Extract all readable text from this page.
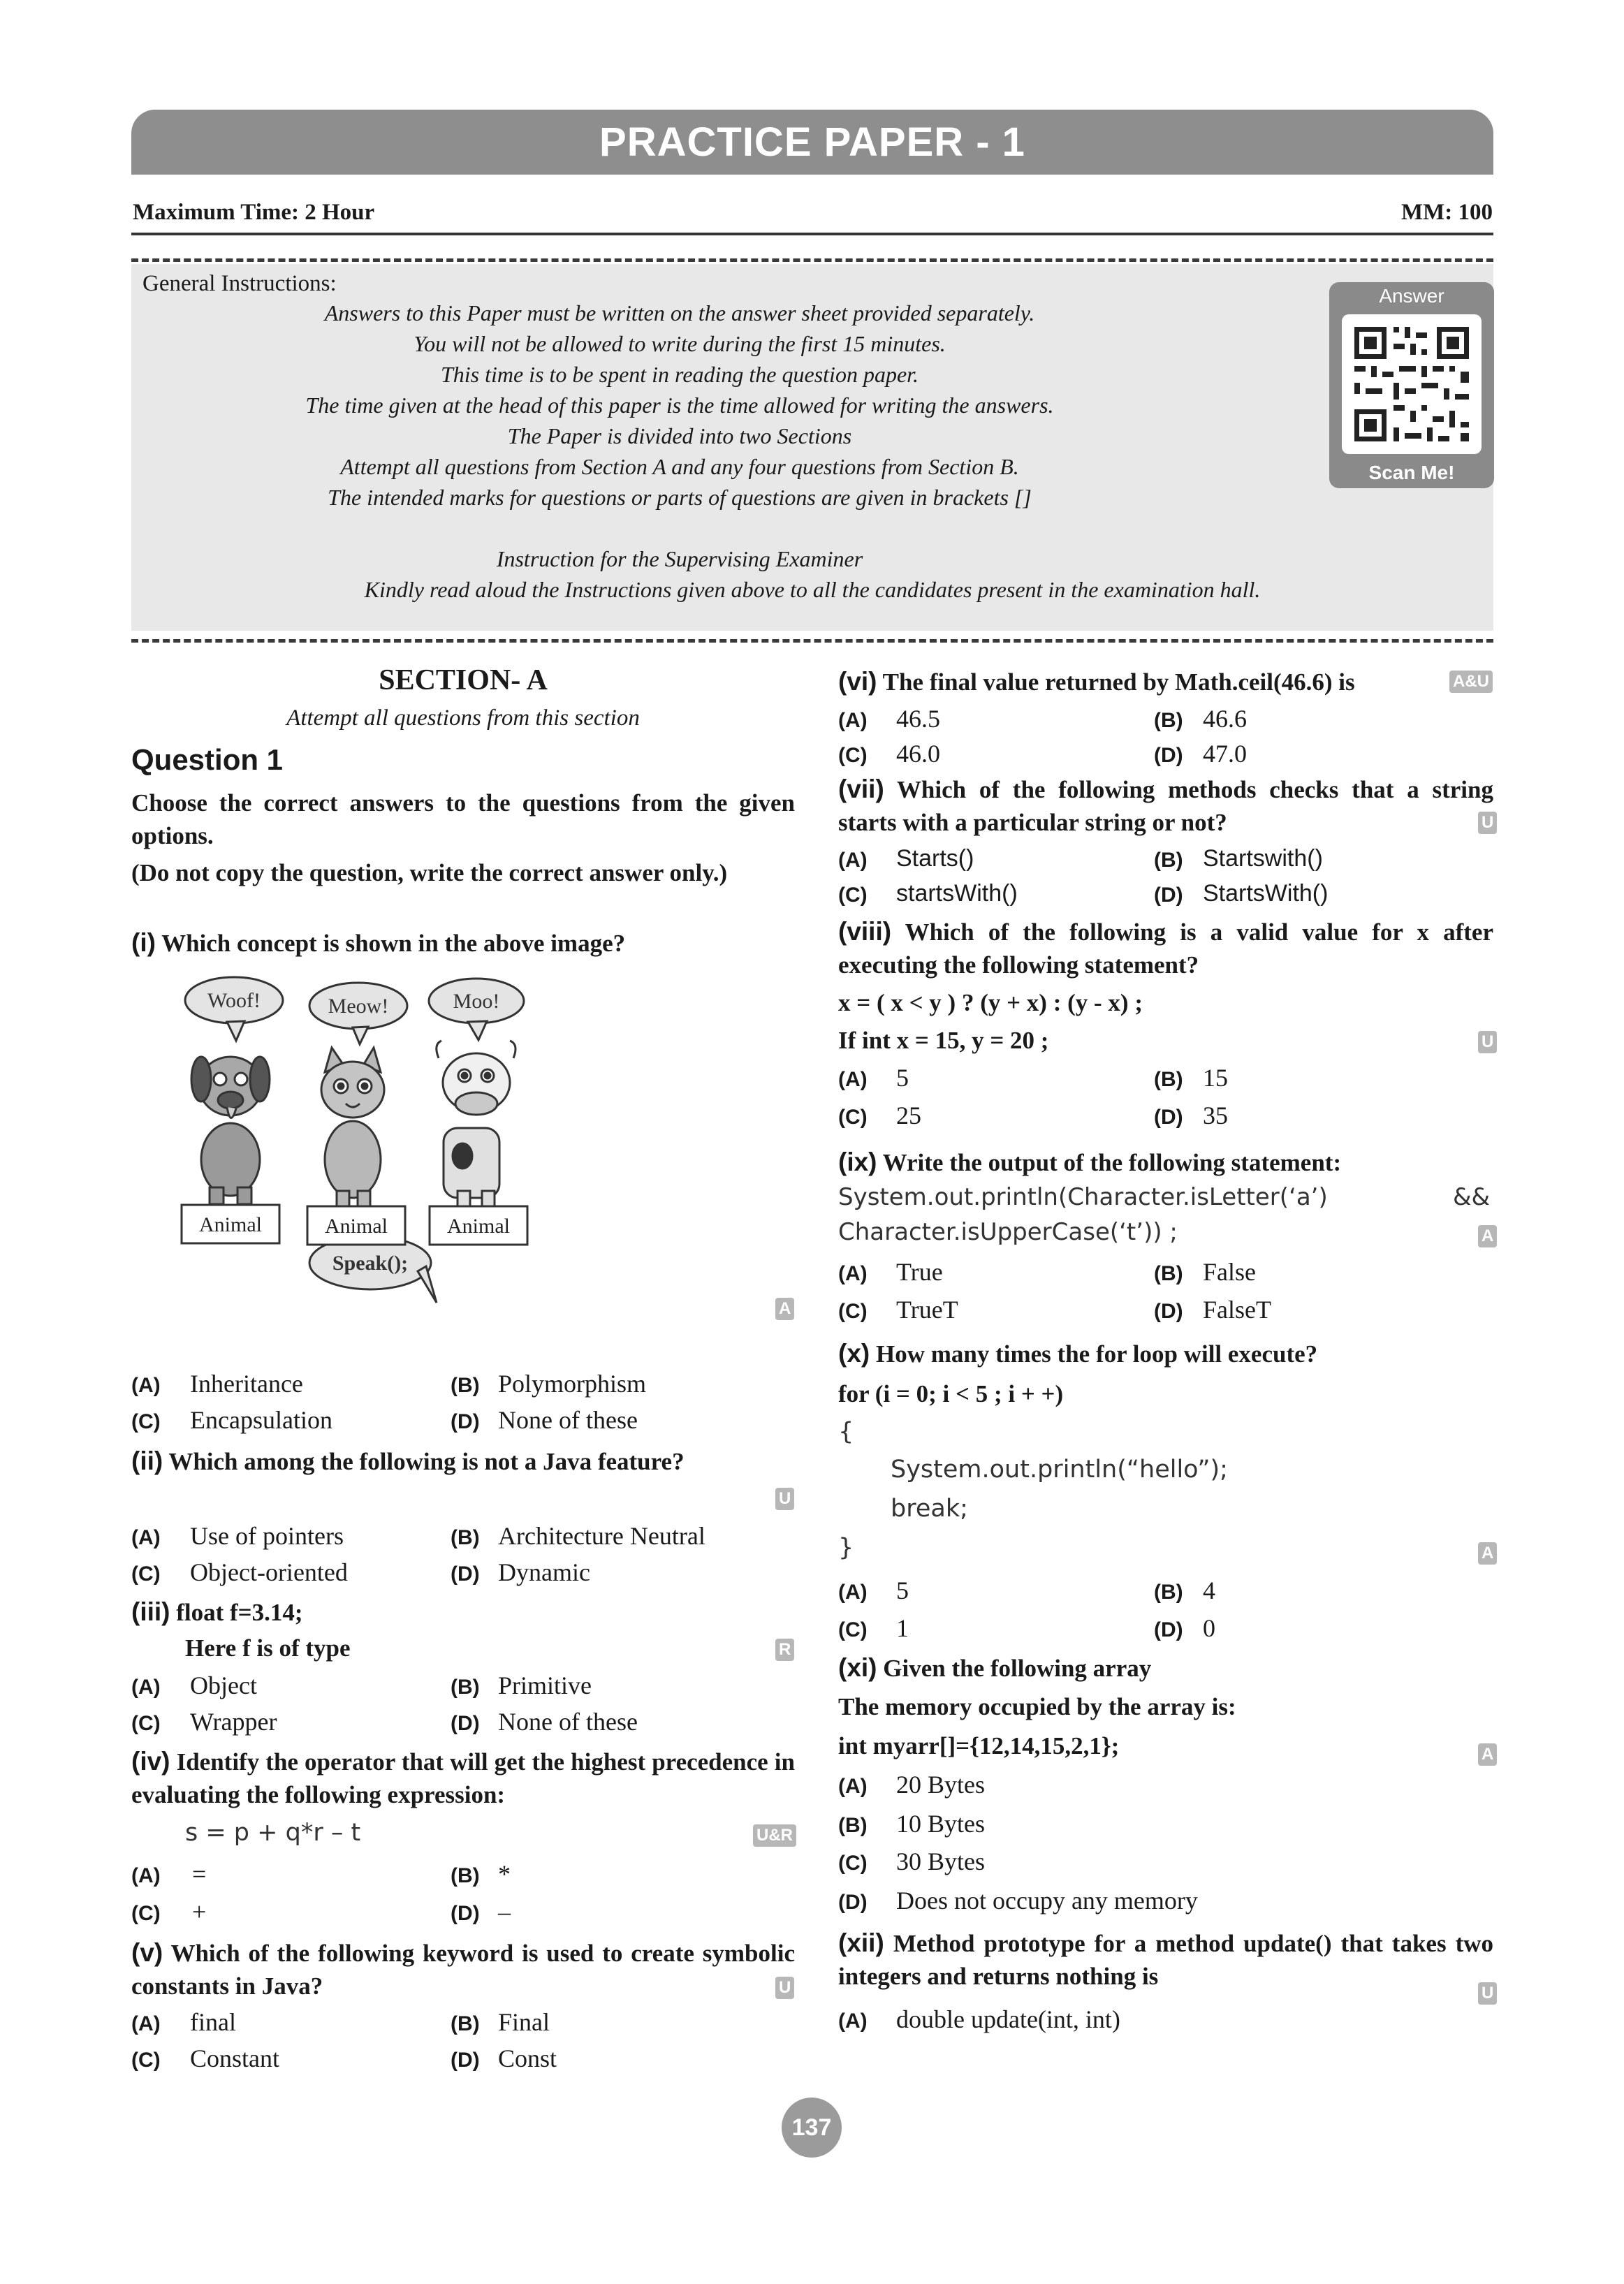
PRACTICE PAPER - 1
Maximum Time: 2 Hour	MM: 100
General Instructions:
Answers to this Paper must be written on the answer sheet provided separately.
You will not be allowed to write during the first 15 minutes.
This time is to be spent in reading the question paper.
The time given at the head of this paper is the time allowed for writing the answers.
The Paper is divided into two Sections
Attempt all questions from Section A and any four questions from Section B.
The intended marks for questions or parts of questions are given in brackets []
Instruction for the Supervising Examiner
Kindly read aloud the Instructions given above to all the candidates present in the examination hall.
Answer
Scan Me!
SECTION- A
Attempt all questions from this section
Question 1
Choose the correct answers to the questions from the given options.
(Do not copy the question, write the correct answer only.)
(i) Which concept is shown in the above image?
Woof!	Meow!	Moo!
Speak();
Animal	Animal	Animal
A
(A) Inheritance	(B) Polymorphism
(C) Encapsulation	(D) None of these
(ii) Which among the following is not a Java feature?
U
(A) Use of pointers	(B) Architecture Neutral
(C) Object-oriented	(D) Dynamic
(iii) float f=3.14;
Here f is of type	R
(A) Object	(B) Primitive
(C) Wrapper	(D) None of these
(iv) Identify the operator that will get the highest precedence in evaluating the following expression:
s = p + q*r – t	U&R
(A) =	(B) *
(C) +	(D) –
(v) Which of the following keyword is used to create symbolic constants in Java?	U
(A) final	(B) Final
(C) Constant	(D) Const
(vi) The final value returned by Math.ceil(46.6) is	A&U
(A) 46.5	(B) 46.6
(C) 46.0	(D) 47.0
(vii) Which of the following methods checks that a string starts with a particular string or not?	U
(A) Starts()	(B) Startswith()
(C) startsWith()	(D) StartsWith()
(viii) Which of the following is a valid value for x after executing the following statement?
x = ( x < y ) ? (y + x) : (y - x) ;
If int x = 15, y = 20 ;	U
(A) 5	(B) 15
(C) 25	(D) 35
(ix) Write the output of the following statement:
System.out.println(Character.isLetter(‘a’)	&&
Character.isUpperCase(‘t’)) ;	A
(A) True	(B) False
(C) TrueT	(D) FalseT
(x) How many times the for loop will execute?
for (i = 0; i < 5 ; i + +)
{
System.out.println(“hello”);
break;
}	A
(A) 5	(B) 4
(C) 1	(D) 0
(xi) Given the following array
The memory occupied by the array is:
int myarr[]={12,14,15,2,1};	A
(A) 20 Bytes
(B) 10 Bytes
(C) 30 Bytes
(D) Does not occupy any memory
(xii) Method prototype for a method update() that takes two integers and returns nothing is
U
(A) double update(int, int)
137
